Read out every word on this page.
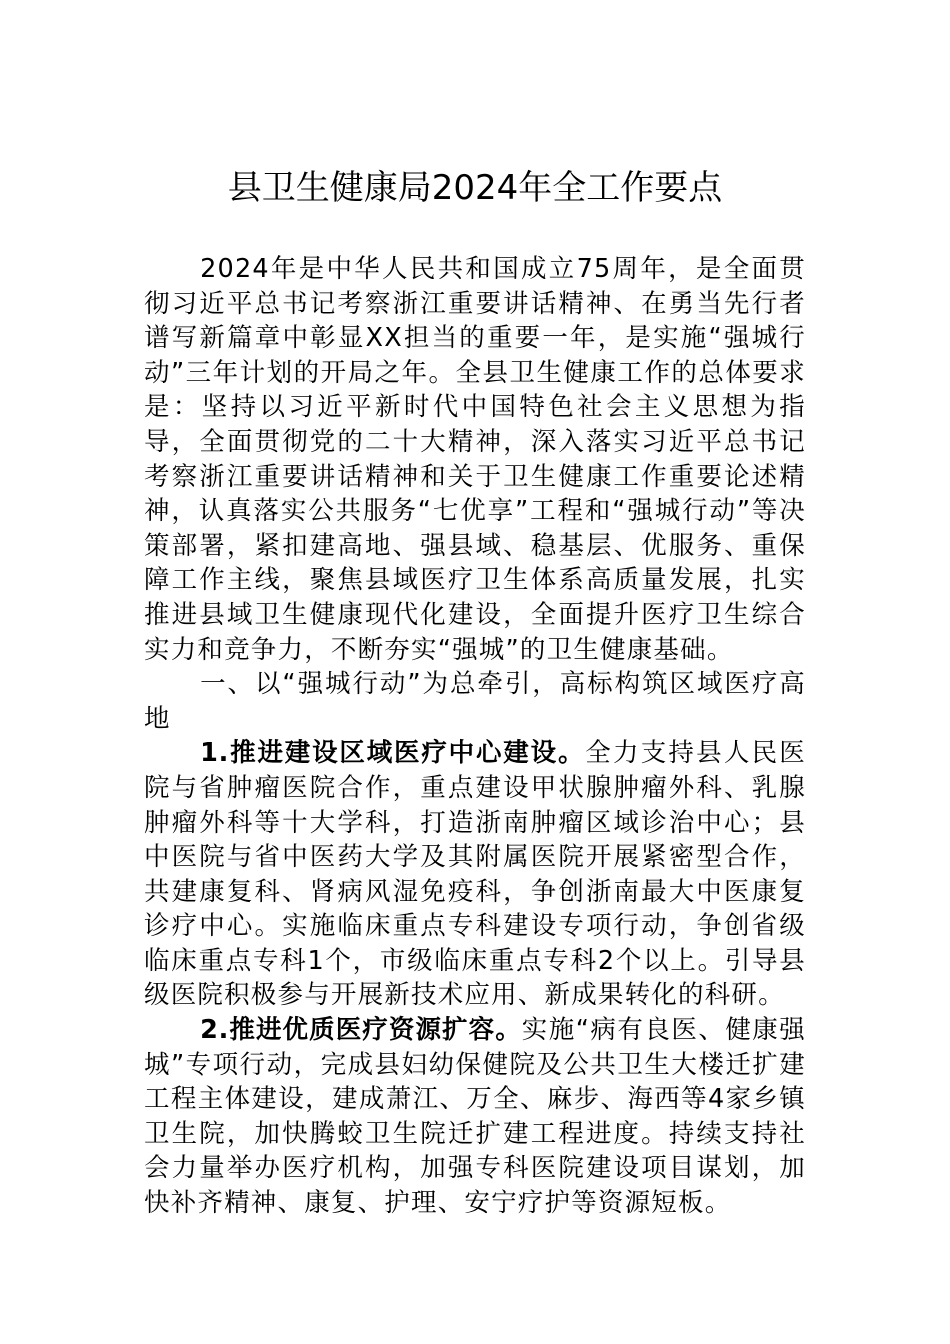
县卫生健康局2024年全工作要点

2024年是中华人民共和国成立75周年，是全面贯彻习近平总书记考察浙江重要讲话精神、在勇当先行者谱写新篇章中彰显XX担当的重要一年，是实施“强城行动”三年计划的开局之年。全县卫生健康工作的总体要求是：坚持以习近平新时代中国特色社会主义思想为指导，全面贯彻党的二十大精神，深入落实习近平总书记考察浙江重要讲话精神和关于卫生健康工作重要论述精神，认真落实公共服务“七优享”工程和“强城行动”等决策部署，紧扣建高地、强县域、稳基层、优服务、重保障工作主线，聚焦县域医疗卫生体系高质量发展，扎实推进县域卫生健康现代化建设，全面提升医疗卫生综合实力和竞争力，不断夯实“强城”的卫生健康基础。

一、以“强城行动”为总牵引，高标构筑区域医疗高地

1.推进建设区域医疗中心建设。全力支持县人民医院与省肿瘤医院合作，重点建设甲状腺肿瘤外科、乳腺肿瘤外科等十大学科，打造浙南肿瘤区域诊治中心；县中医院与省中医药大学及其附属医院开展紧密型合作，共建康复科、肾病风湿免疫科，争创浙南最大中医康复诊疗中心。实施临床重点专科建设专项行动，争创省级临床重点专科1个，市级临床重点专科2个以上。引导县级医院积极参与开展新技术应用、新成果转化的科研。

2.推进优质医疗资源扩容。实施“病有良医、健康强城”专项行动，完成县妇幼保健院及公共卫生大楼迁扩建工程主体建设，建成萧江、万全、麻步、海西等4家乡镇卫生院，加快腾蛟卫生院迁扩建工程进度。持续支持社会力量举办医疗机构，加强专科医院建设项目谋划，加快补齐精神、康复、护理、安宁疗护等资源短板。
